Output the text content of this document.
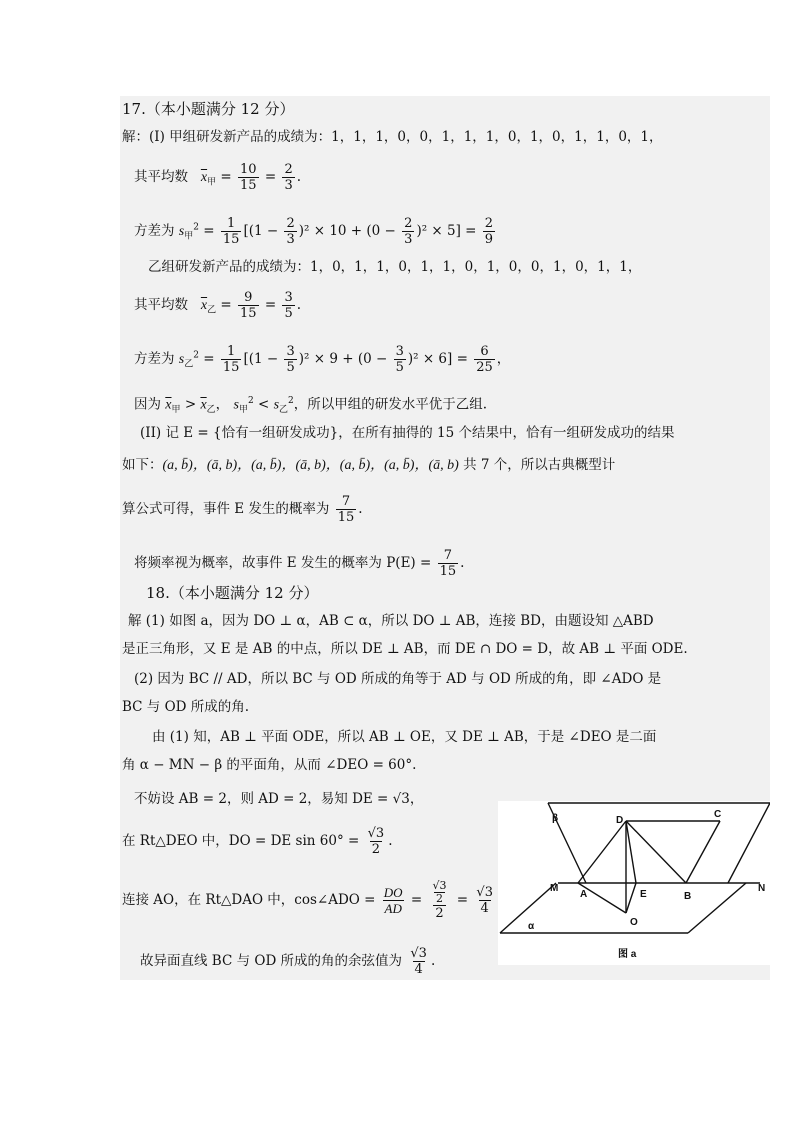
17.（本小题满分 12 分）
解：(I) 甲组研发新产品的成绩为：1，1，1，0，0，1，1，1，0，1，0，1，1，0，1，
其平均数 $\overline{x}_甲 = \frac{10}{15} = \frac{2}{3}$ .
方差为 $s_甲^2 = \frac{1}{15} [(1 - \frac{2}{3} )^2 \times 10 + (0 - \frac{2}{3} )^2 \times 5] = \frac{2}{9}$
乙组研发新产品的成绩为：1，0，1，1，0，1，1，0，1，0，0，1，0，1，1，
其平均数 $\overline{x}_乙 = \frac{9}{15} = \frac{3}{5}$ .
方差为 $s_乙^2 = \frac{1}{15} [(1 - \frac{3}{5} )^2 \times 9 + (0 - \frac{3}{5} )^2 \times 6] = \frac{6}{25}$ ，
因为 $\overline{x}_甲 > \overline{x}_乙$， $s_甲^2 < s_乙^2$，所以甲组的研发水平优于乙组.
(II) 记 E = {恰有一组研发成功}，在所有抽得的 15 个结果中，恰有一组研发成功的结果
如下：(a, b̄)，(ā, b)，(a, b̄)，(ā, b)，(a, b̄)，(a, b̄)，(ā, b) 共 7 个，所以古典概型计
算公式可得，事件 E 发生的概率为 $\frac{7}{15}$ .
将频率视为概率，故事件 E 发生的概率为 $P(E) = \frac{7}{15}$ .
18.（本小题满分 12 分）
解 (1) 如图 a，因为 DO ⊥ α，AB ⊂ α，所以 DO ⊥ AB，连接 BD，由题设知 △ABD
是正三角形，又 E 是 AB 的中点，所以 DE ⊥ AB，而 DE ∩ DO = D，故 AB ⊥ 平面 ODE.
(2) 因为 BC // AD，所以 BC 与 OD 所成的角等于 AD 与 OD 所成的角，即 ∠ADO 是
BC 与 OD 所成的角.
由 (1) 知，AB ⊥ 平面 ODE，所以 AB ⊥ OE，又 DE ⊥ AB，于是 ∠DEO 是二面
角 α − MN − β 的平面角，从而 ∠DEO = 60°.
不妨设 AB = 2，则 AD = 2，易知 DE = √3，
在 Rt△DEO 中，DO = DE $\sin 60^\circ = \frac{√3}{2}$ .
连接 AO，在 Rt△DAO 中，cos∠ADO = $\frac{DO}{AD} = \frac{\frac{√3}{2}}{2} = \frac{√3}{4}$
故异面直线 BC 与 OD 所成的角的余弦值为 $\frac{√3}{4}$ .
β
α
D
C
M
A	E	B
N
O
图 a
